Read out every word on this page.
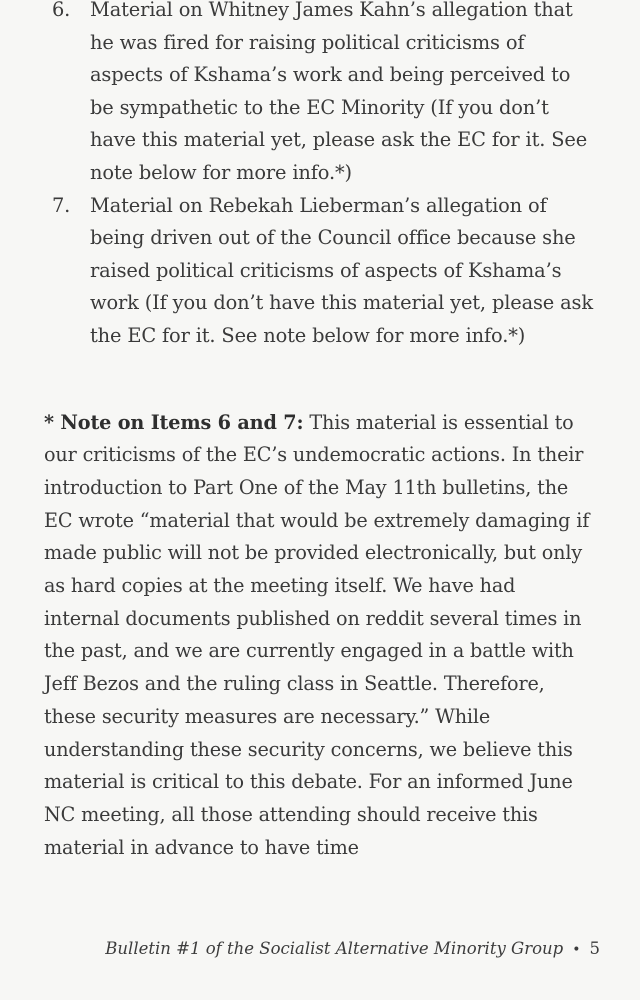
6.	Material on Whitney James Kahn’s allegation that he was fired for raising political criticisms of aspects of Kshama’s work and being perceived to be sympathetic to the EC Minority (If you don’t have this material yet, please ask the EC for it. See note below for more info.*)
7.	Material on Rebekah Lieberman’s allegation of being driven out of the Council office because she raised political criticisms of aspects of Kshama’s work (If you don’t have this material yet, please ask the EC for it. See note below for more info.*)

* Note on Items 6 and 7: This material is essential to our criticisms of the EC’s undemocratic actions. In their introduction to Part One of the May 11th bulletins, the EC wrote “material that would be extremely damaging if made public will not be provided electronically, but only as hard copies at the meeting itself. We have had internal documents published on reddit several times in the past, and we are currently engaged in a battle with Jeff Bezos and the ruling class in Seattle. Therefore, these security measures are necessary.” While understanding these security concerns, we believe this material is critical to this debate. For an informed June NC meeting, all those attending should receive this material in advance to have time

Bulletin #1 of the Socialist Alternative Minority Group • 5
